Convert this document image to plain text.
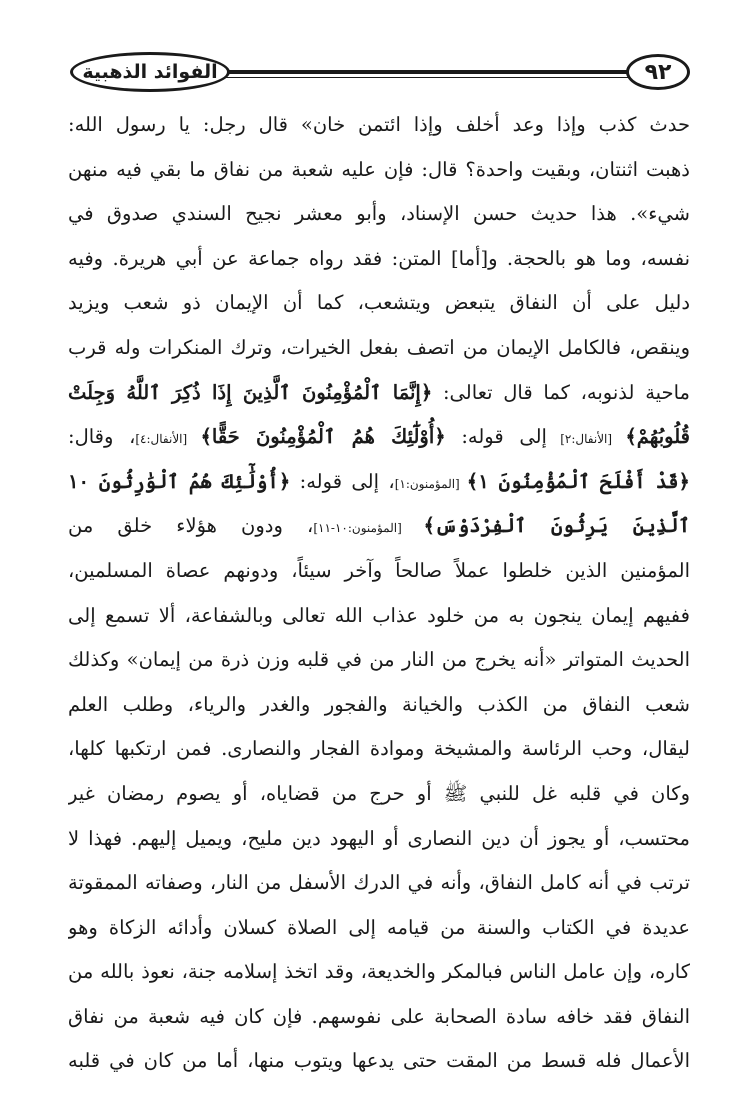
الفوائد الذهبية	٩٢
حدث كذب وإذا وعد أخلف وإذا ائتمن خان» قال رجل: يا رسول الله:
ذهبت اثنتان، وبقيت واحدة؟ قال: فإن عليه شعبة من نفاق ما بقي فيه منهن
شيء». هذا حديث حسن الإسناد، وأبو معشر نجيح السندي صدوق في
نفسه، وما هو بالحجة. و[أما] المتن: فقد رواه جماعة عن أبي هريرة. وفيه
دليل على أن النفاق يتبعض ويتشعب، كما أن الإيمان ذو شعب ويزيد
وينقص، فالكامل الإيمان من اتصف بفعل الخيرات، وترك المنكرات وله قرب
ماحية لذنوبه، كما قال تعالى: ﴿إِنَّمَا ٱلْمُؤْمِنُونَ ٱلَّذِينَ إِذَا ذُكِرَ ٱللَّهُ وَجِلَتْ
قُلُوبُهُمْ﴾ [الأنفال:٢] إلى قوله: ﴿أُوْلَٰٓئِكَ هُمُ ٱلْمُؤْمِنُونَ حَقًّا﴾ [الأنفال:٤]، وقال:
﴿قَدْ أَفْلَحَ ٱلْمُؤْمِنُونَ ١﴾ [المؤمنون:١]، إلى قوله: ﴿أُوْلَٰٓئِكَ هُمُ ٱلْوَٰرِثُونَ ١٠
ٱلَّذِينَ يَرِثُونَ ٱلْفِرْدَوْسَ﴾ [المؤمنون:١٠-١١]، ودون هؤلاء خلق من
المؤمنين الذين خلطوا عملاً صالحاً وآخر سيئاً، ودونهم عصاة المسلمين،
ففيهم إيمان ينجون به من خلود عذاب الله تعالى وبالشفاعة، ألا تسمع إلى
الحديث المتواتر «أنه يخرج من النار من في قلبه وزن ذرة من إيمان» وكذلك
شعب النفاق من الكذب والخيانة والفجور والغدر والرياء، وطلب العلم
ليقال، وحب الرئاسة والمشيخة وموادة الفجار والنصارى. فمن ارتكبها كلها،
وكان في قلبه غل للنبي ﷺ أو حرج من قضاياه، أو يصوم رمضان غير
محتسب، أو يجوز أن دين النصارى أو اليهود دين مليح، ويميل إليهم. فهذا لا
ترتب في أنه كامل النفاق، وأنه في الدرك الأسفل من النار، وصفاته الممقوتة
عديدة في الكتاب والسنة من قيامه إلى الصلاة كسلان وأدائه الزكاة وهو
كاره، وإن عامل الناس فبالمكر والخديعة، وقد اتخذ إسلامه جنة، نعوذ بالله من
النفاق فقد خافه سادة الصحابة على نفوسهم. فإن كان فيه شعبة من نفاق
الأعمال فله قسط من المقت حتى يدعها ويتوب منها، أما من كان في قلبه
